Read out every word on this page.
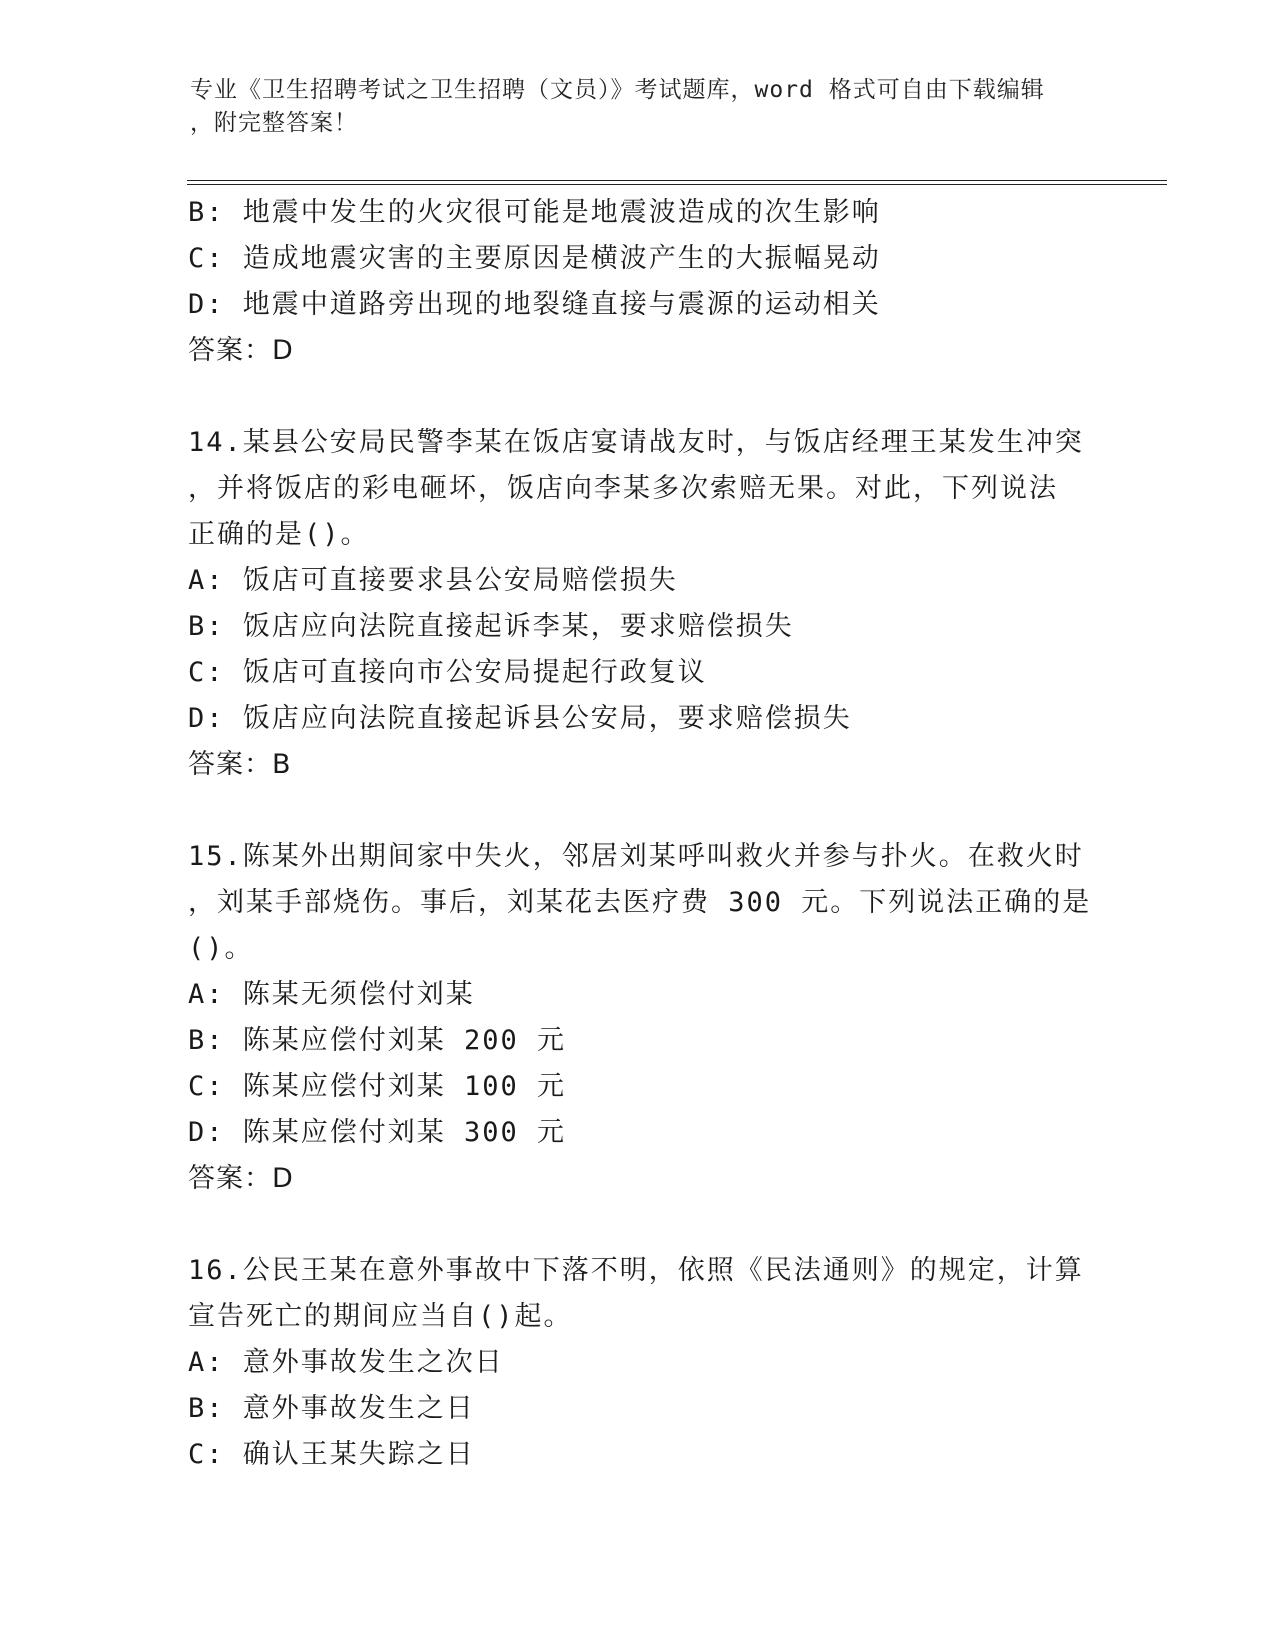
专业《卫生招聘考试之卫生招聘（文员）》考试题库，word 格式可自由下载编辑
，附完整答案！
B: 地震中发生的火灾很可能是地震波造成的次生影响
C: 造成地震灾害的主要原因是横波产生的大振幅晃动
D: 地震中道路旁出现的地裂缝直接与震源的运动相关
答案：D
14.某县公安局民警李某在饭店宴请战友时，与饭店经理王某发生冲突
，并将饭店的彩电砸坏，饭店向李某多次索赔无果。对此，下列说法
正确的是()。
A: 饭店可直接要求县公安局赔偿损失
B: 饭店应向法院直接起诉李某，要求赔偿损失
C: 饭店可直接向市公安局提起行政复议
D: 饭店应向法院直接起诉县公安局，要求赔偿损失
答案：B
15.陈某外出期间家中失火，邻居刘某呼叫救火并参与扑火。在救火时
，刘某手部烧伤。事后，刘某花去医疗费 300 元。下列说法正确的是
()。
A: 陈某无须偿付刘某
B: 陈某应偿付刘某 200 元
C: 陈某应偿付刘某 100 元
D: 陈某应偿付刘某 300 元
答案：D
16.公民王某在意外事故中下落不明，依照《民法通则》的规定，计算
宣告死亡的期间应当自()起。
A: 意外事故发生之次日
B: 意外事故发生之日
C: 确认王某失踪之日
